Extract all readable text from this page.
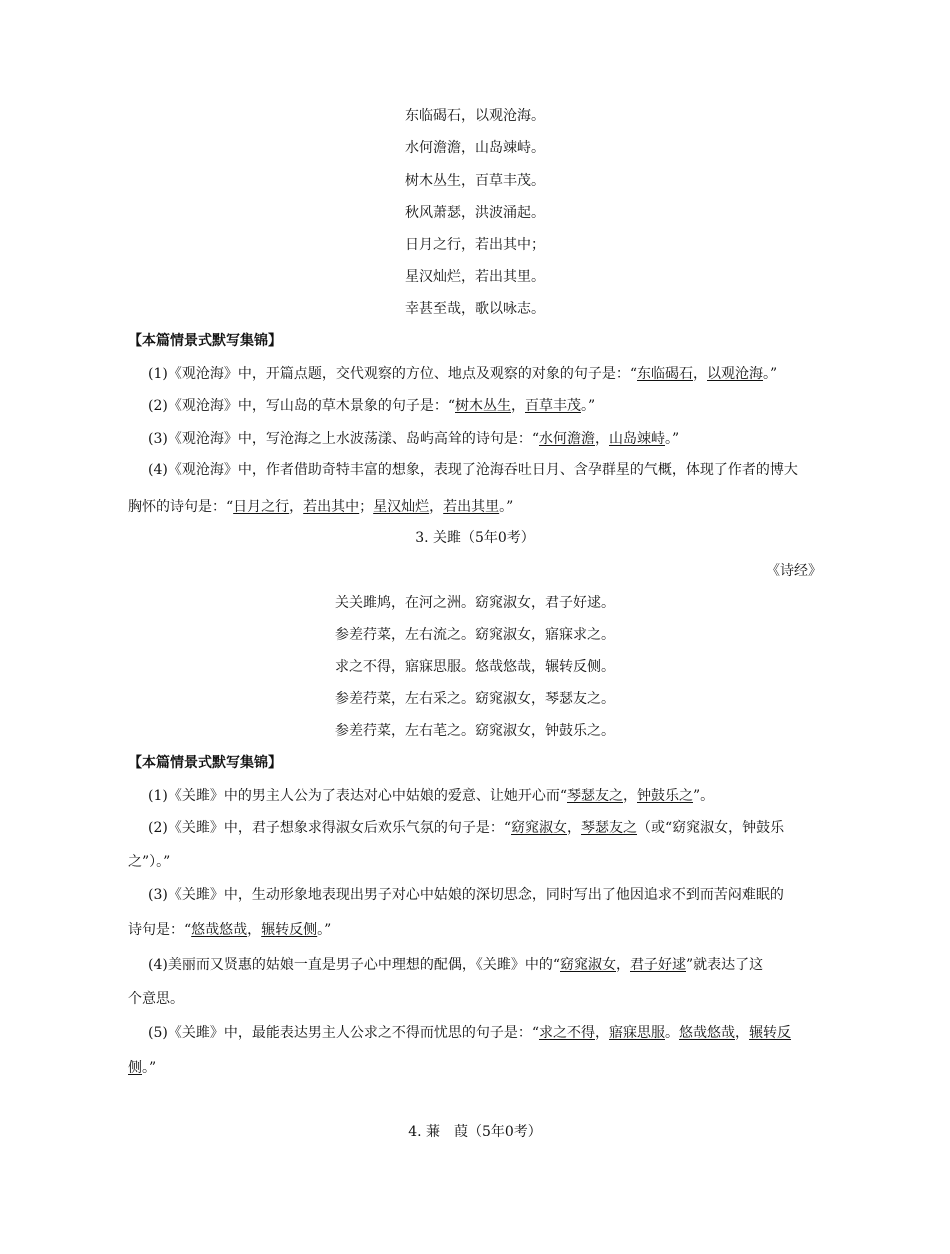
东临碣石，以观沧海。
水何澹澹，山岛竦峙。
树木丛生，百草丰茂。
秋风萧瑟，洪波涌起。
日月之行，若出其中；
星汉灿烂，若出其里。
幸甚至哉，歌以咏志。
【本篇情景式默写集锦】
(1)《观沧海》中，开篇点题，交代观察的方位、地点及观察的对象的句子是：“东临碣石，以观沧海。”
(2)《观沧海》中，写山岛的草木景象的句子是：“树木丛生，百草丰茂。”
(3)《观沧海》中，写沧海之上水波荡漾、岛屿高耸的诗句是：“水何澹澹，山岛竦峙。”
(4)《观沧海》中，作者借助奇特丰富的想象，表现了沧海吞吐日月、含孕群星的气概，体现了作者的博大
胸怀的诗句是：“日月之行，若出其中；星汉灿烂，若出其里。”
3. 关雎（5年0考）
《诗经》
关关雎鸠，在河之洲。窈窕淑女，君子好逑。
参差荇菜，左右流之。窈窕淑女，寤寐求之。
求之不得，寤寐思服。悠哉悠哉，辗转反侧。
参差荇菜，左右采之。窈窕淑女，琴瑟友之。
参差荇菜，左右芼之。窈窕淑女，钟鼓乐之。
【本篇情景式默写集锦】
(1)《关雎》中的男主人公为了表达对心中姑娘的爱意、让她开心而“琴瑟友之，钟鼓乐之”。
(2)《关雎》中，君子想象求得淑女后欢乐气氛的句子是：“窈窕淑女，琴瑟友之（或“窈窕淑女，钟鼓乐
之”）。”
(3)《关雎》中，生动形象地表现出男子对心中姑娘的深切思念，同时写出了他因追求不到而苦闷难眠的
诗句是：“悠哉悠哉，辗转反侧。”
(4)美丽而又贤惠的姑娘一直是男子心中理想的配偶，《关雎》中的“窈窕淑女，君子好逑”就表达了这
个意思。
(5)《关雎》中，最能表达男主人公求之不得而忧思的句子是：“求之不得，寤寐思服。悠哉悠哉，辗转反
侧。”
4. 蒹　葭（5年0考）
